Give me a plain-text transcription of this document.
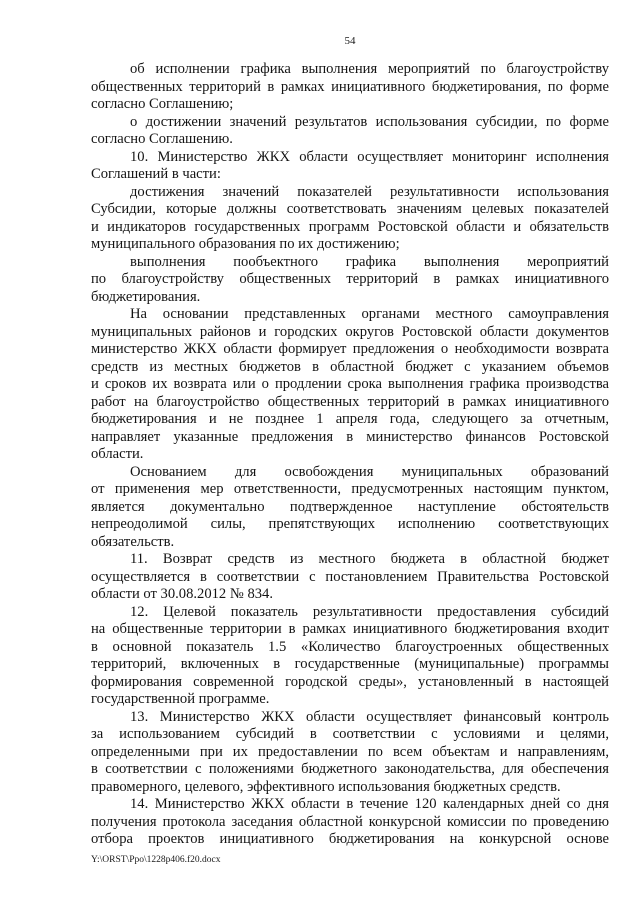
54
об исполнении графика выполнения мероприятий по благоустройству
общественных территорий в рамках инициативного бюджетирования, по форме
согласно Соглашению;
о достижении значений результатов использования субсидии, по форме
согласно Соглашению.
10. Министерство ЖКХ области осуществляет мониторинг исполнения
Соглашений в части:
достижения значений показателей результативности использования
Субсидии, которые должны соответствовать значениям целевых показателей
и индикаторов государственных программ Ростовской области и обязательств
муниципального образования по их достижению;
выполнения пообъектного графика выполнения мероприятий
по благоустройству общественных территорий в рамках инициативного
бюджетирования.
На основании представленных органами местного самоуправления
муниципальных районов и городских округов Ростовской области документов
министерство ЖКХ области формирует предложения о необходимости возврата
средств из местных бюджетов в областной бюджет с указанием объемов
и сроков их возврата или о продлении срока выполнения графика производства
работ на благоустройство общественных территорий в рамках инициативного
бюджетирования и не позднее 1 апреля года, следующего за отчетным,
направляет указанные предложения в министерство финансов Ростовской
области.
Основанием для освобождения муниципальных образований
от применения мер ответственности, предусмотренных настоящим пунктом,
является документально подтвержденное наступление обстоятельств
непреодолимой силы, препятствующих исполнению соответствующих
обязательств.
11. Возврат средств из местного бюджета в областной бюджет
осуществляется в соответствии с постановлением Правительства Ростовской
области от 30.08.2012 № 834.
12. Целевой показатель результативности предоставления субсидий
на общественные территории в рамках инициативного бюджетирования входит
в основной показатель 1.5 «Количество благоустроенных общественных
территорий, включенных в государственные (муниципальные) программы
формирования современной городской среды», установленный в настоящей
государственной программе.
13. Министерство ЖКХ области осуществляет финансовый контроль
за использованием субсидий в соответствии с условиями и целями,
определенными при их предоставлении по всем объектам и направлениям,
в соответствии с положениями бюджетного законодательства, для обеспечения
правомерного, целевого, эффективного использования бюджетных средств.
14. Министерство ЖКХ области в течение 120 календарных дней со дня
получения протокола заседания областной конкурсной комиссии по проведению
отбора проектов инициативного бюджетирования на конкурсной основе
Y:\ORST\Ppo\1228p406.f20.docx
